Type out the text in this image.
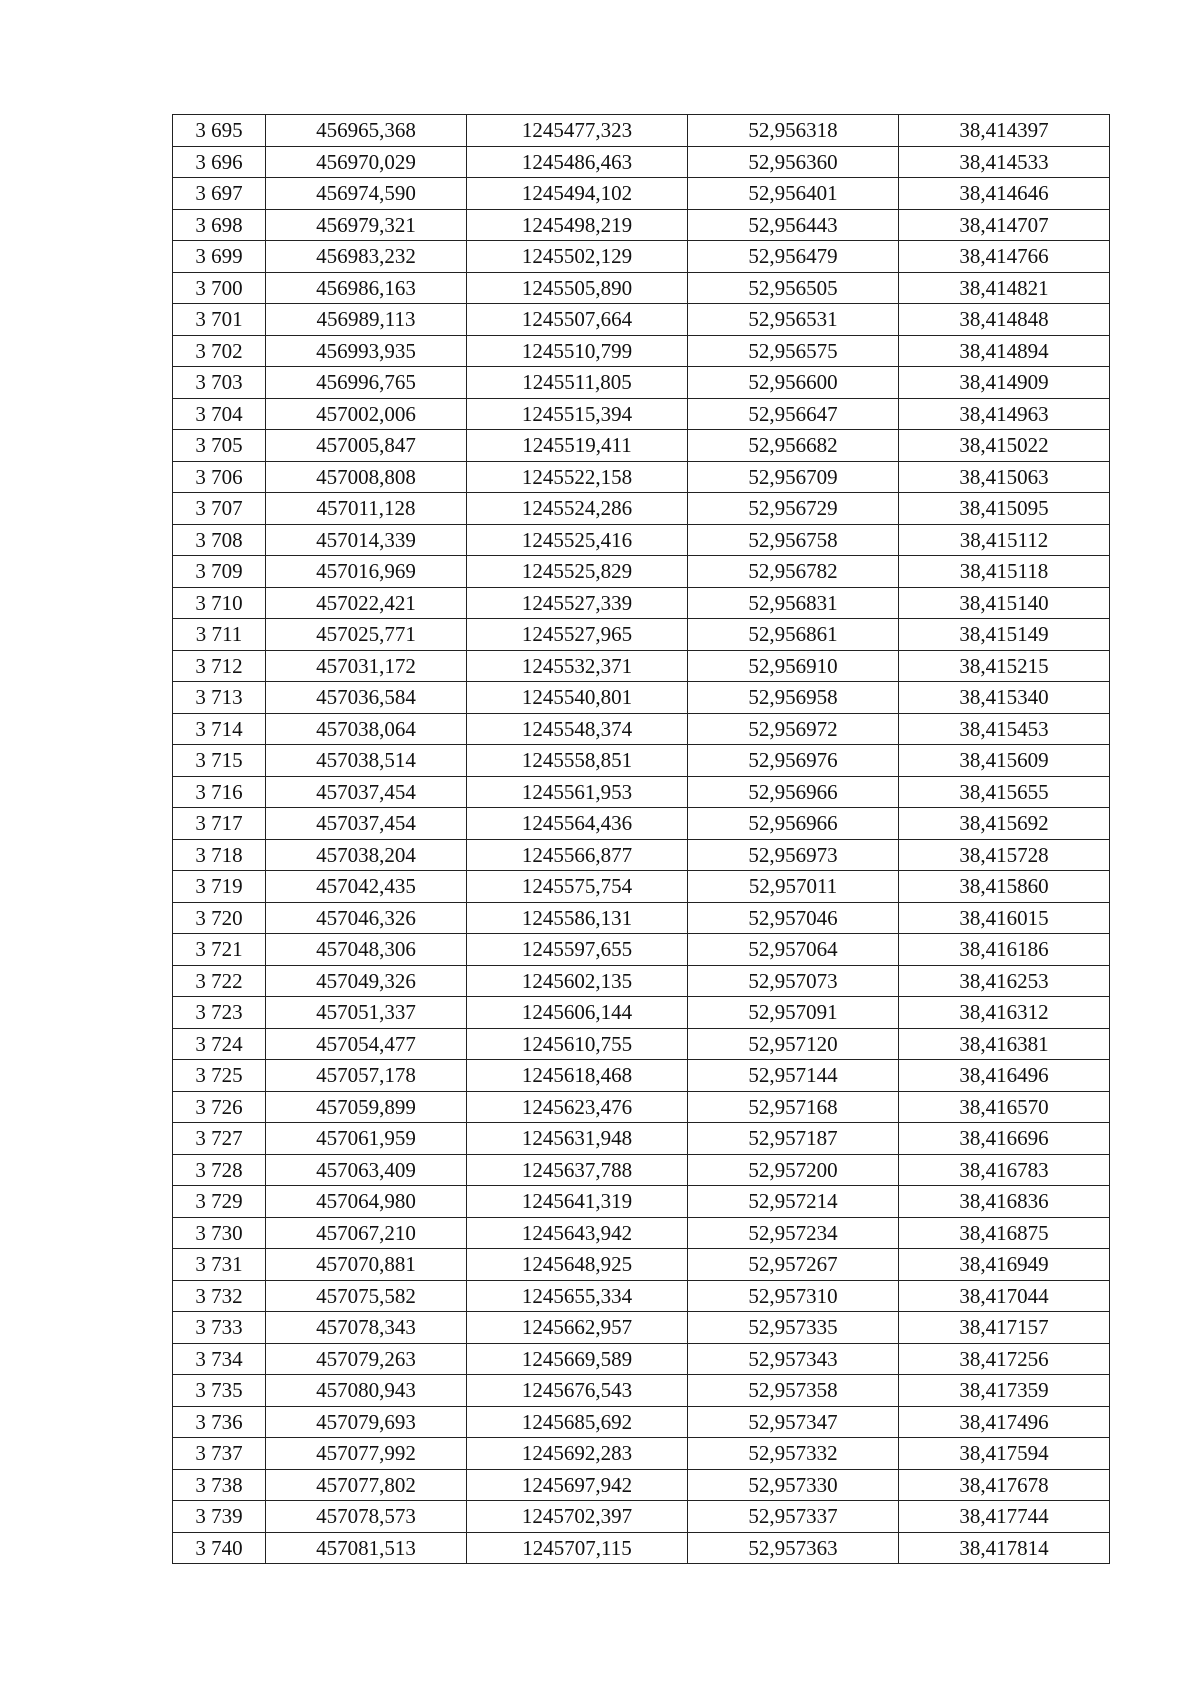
3 695	456965,368	1245477,323	52,956318	38,414397
3 696	456970,029	1245486,463	52,956360	38,414533
3 697	456974,590	1245494,102	52,956401	38,414646
3 698	456979,321	1245498,219	52,956443	38,414707
3 699	456983,232	1245502,129	52,956479	38,414766
3 700	456986,163	1245505,890	52,956505	38,414821
3 701	456989,113	1245507,664	52,956531	38,414848
3 702	456993,935	1245510,799	52,956575	38,414894
3 703	456996,765	1245511,805	52,956600	38,414909
3 704	457002,006	1245515,394	52,956647	38,414963
3 705	457005,847	1245519,411	52,956682	38,415022
3 706	457008,808	1245522,158	52,956709	38,415063
3 707	457011,128	1245524,286	52,956729	38,415095
3 708	457014,339	1245525,416	52,956758	38,415112
3 709	457016,969	1245525,829	52,956782	38,415118
3 710	457022,421	1245527,339	52,956831	38,415140
3 711	457025,771	1245527,965	52,956861	38,415149
3 712	457031,172	1245532,371	52,956910	38,415215
3 713	457036,584	1245540,801	52,956958	38,415340
3 714	457038,064	1245548,374	52,956972	38,415453
3 715	457038,514	1245558,851	52,956976	38,415609
3 716	457037,454	1245561,953	52,956966	38,415655
3 717	457037,454	1245564,436	52,956966	38,415692
3 718	457038,204	1245566,877	52,956973	38,415728
3 719	457042,435	1245575,754	52,957011	38,415860
3 720	457046,326	1245586,131	52,957046	38,416015
3 721	457048,306	1245597,655	52,957064	38,416186
3 722	457049,326	1245602,135	52,957073	38,416253
3 723	457051,337	1245606,144	52,957091	38,416312
3 724	457054,477	1245610,755	52,957120	38,416381
3 725	457057,178	1245618,468	52,957144	38,416496
3 726	457059,899	1245623,476	52,957168	38,416570
3 727	457061,959	1245631,948	52,957187	38,416696
3 728	457063,409	1245637,788	52,957200	38,416783
3 729	457064,980	1245641,319	52,957214	38,416836
3 730	457067,210	1245643,942	52,957234	38,416875
3 731	457070,881	1245648,925	52,957267	38,416949
3 732	457075,582	1245655,334	52,957310	38,417044
3 733	457078,343	1245662,957	52,957335	38,417157
3 734	457079,263	1245669,589	52,957343	38,417256
3 735	457080,943	1245676,543	52,957358	38,417359
3 736	457079,693	1245685,692	52,957347	38,417496
3 737	457077,992	1245692,283	52,957332	38,417594
3 738	457077,802	1245697,942	52,957330	38,417678
3 739	457078,573	1245702,397	52,957337	38,417744
3 740	457081,513	1245707,115	52,957363	38,417814
